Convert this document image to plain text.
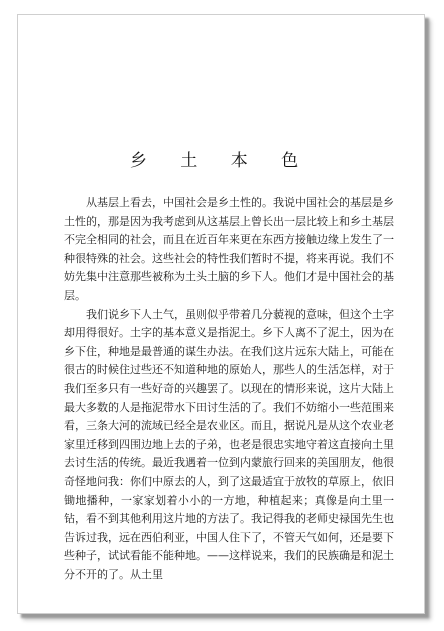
乡 土 本 色

从基层上看去，中国社会是乡土性的。我说中国社会的基层是乡土性的，那是因为我考虑到从这基层上曾长出一层比较上和乡土基层不完全相同的社会，而且在近百年来更在东西方接触边缘上发生了一种很特殊的社会。这些社会的特性我们暂时不提，将来再说。我们不妨先集中注意那些被称为土头土脑的乡下人。他们才是中国社会的基层。

我们说乡下人土气，虽则似乎带着几分藐视的意味，但这个土字却用得很好。土字的基本意义是指泥土。乡下人离不了泥土，因为在乡下住，种地是最普通的谋生办法。在我们这片远东大陆上，可能在很古的时候住过些还不知道种地的原始人，那些人的生活怎样，对于我们至多只有一些好奇的兴趣罢了。以现在的情形来说，这片大陆上最大多数的人是拖泥带水下田讨生活的了。我们不妨缩小一些范围来看，三条大河的流域已经全是农业区。而且，据说凡是从这个农业老家里迁移到四围边地上去的子弟，也老是很忠实地守着这直接向土里去讨生活的传统。最近我遇着一位到内蒙旅行回来的美国朋友，他很奇怪地问我：你们中原去的人，到了这最适宜于放牧的草原上，依旧锄地播种，一家家划着小小的一方地，种植起来；真像是向土里一钻，看不到其他利用这片地的方法了。我记得我的老师史禄国先生也告诉过我，远在西伯利亚，中国人住下了，不管天气如何，还是要下些种子，试试看能不能种地。——这样说来，我们的民族确是和泥土分不开的了。从土里
